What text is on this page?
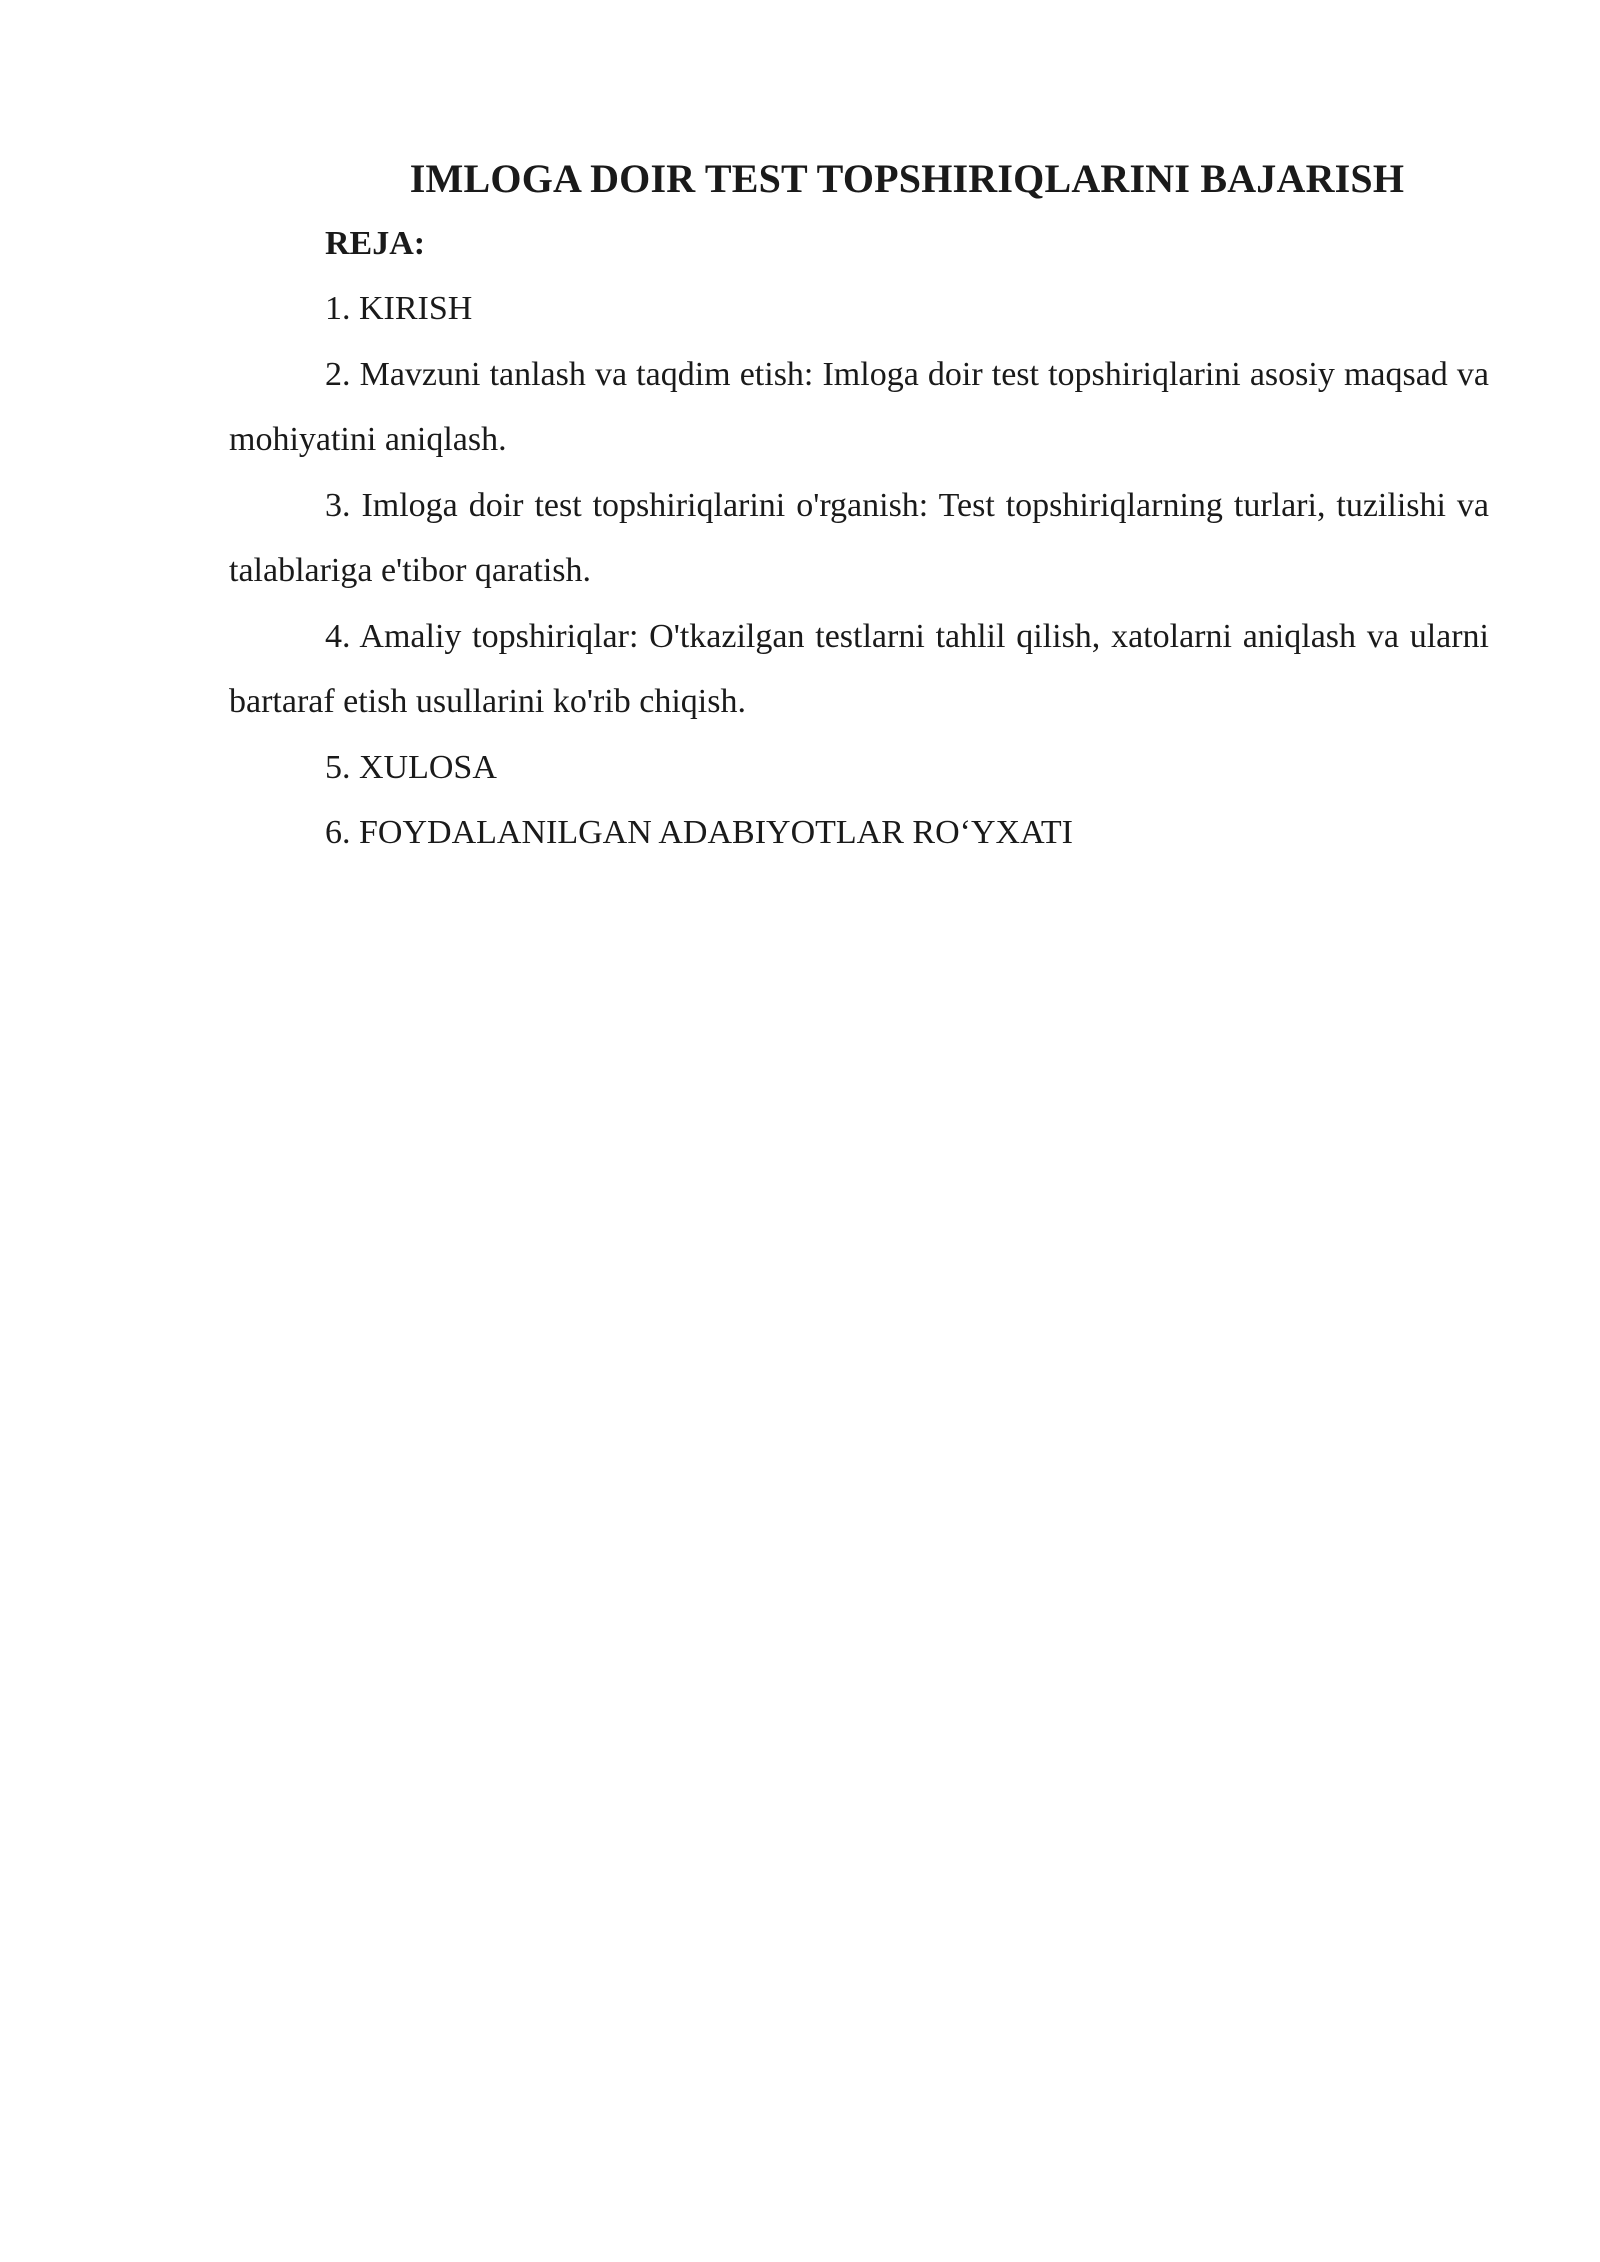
IMLOGA DOIR TEST TOPSHIRIQLARINI BAJARISH

REJA:

1. KIRISH
2. Mavzuni tanlash va taqdim etish: Imloga doir test topshiriqlarini asosiy maqsad va mohiyatini aniqlash.
3. Imloga doir test topshiriqlarini o'rganish: Test topshiriqlarning turlari, tuzilishi va talablariga e'tibor qaratish.
4. Amaliy topshiriqlar: O'tkazilgan testlarni tahlil qilish, xatolarni aniqlash va ularni bartaraf etish usullarini ko'rib chiqish.
5. XULOSA
6. FOYDALANILGAN ADABIYOTLAR RO‘YXATI
